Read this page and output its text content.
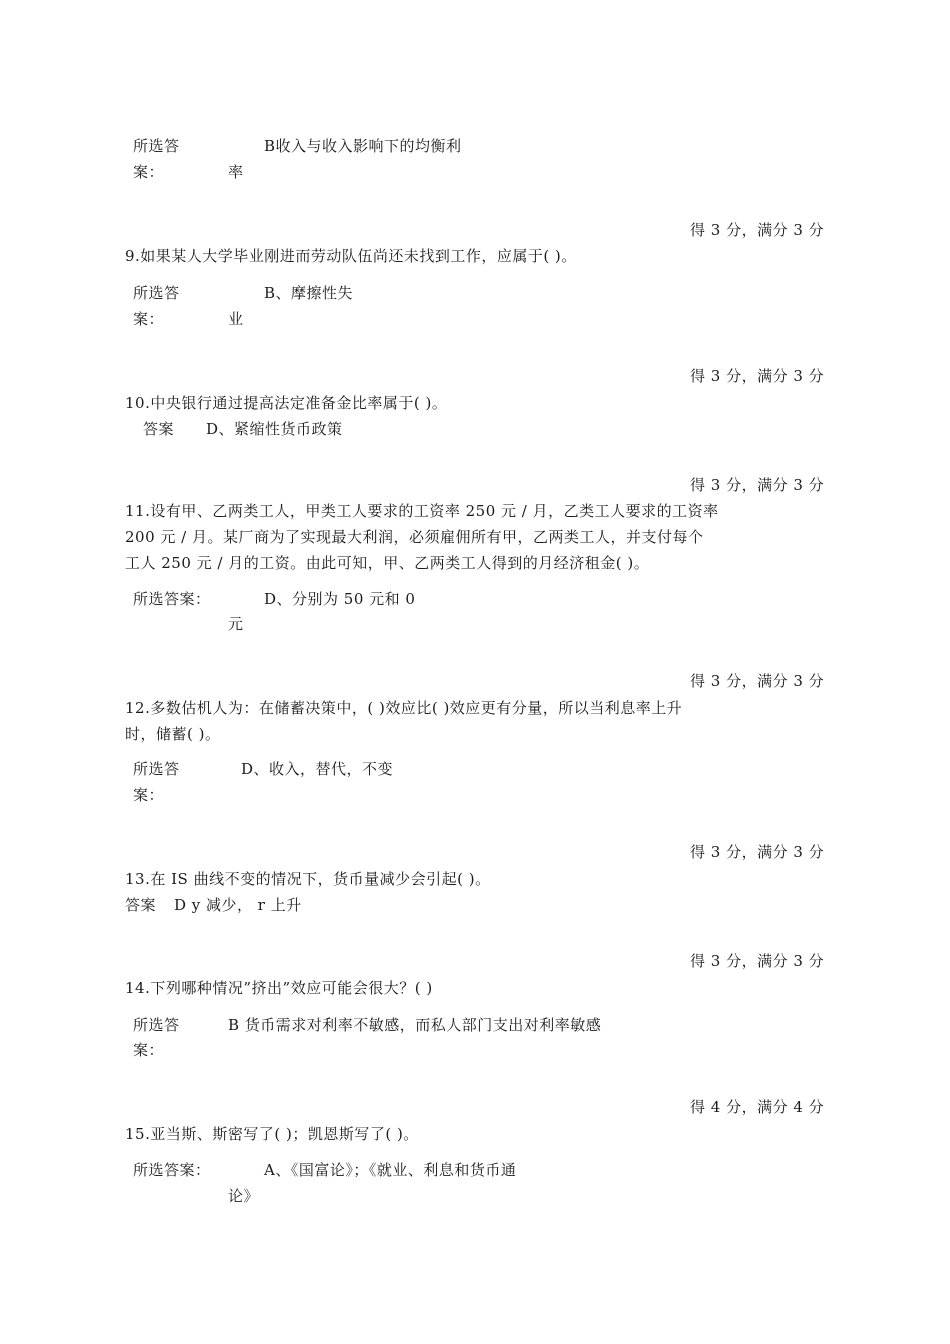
所选答
案：
B收入与收入影响下的均衡利
率
得 3 分，满分 3 分
9.如果某人大学毕业刚进而劳动队伍尚还未找到工作，应属于( )。
所选答
案：
B、摩擦性失
业
得 3 分，满分 3 分
10.中央银行通过提高法定准备金比率属于( )。
答案 D、紧缩性货币政策
得 3 分，满分 3 分
11.设有甲、乙两类工人，甲类工人要求的工资率 250 元 / 月，乙类工人要求的工资率
200 元 / 月。某厂商为了实现最大利润，必须雇佣所有甲，乙两类工人，并支付每个
工人 250 元 / 月的工资。由此可知，甲、乙两类工人得到的月经济租金( )。
所选答案：	D、分别为 50 元和 0
元
得 3 分，满分 3 分
12.多数估机人为：在储蓄决策中，( )效应比( )效应更有分量，所以当利息率上升
时，储蓄( )。
所选答
案：
D、收入，替代，不变
得 3 分，满分 3 分
13.在 IS 曲线不变的情况下，货币量减少会引起( )。
答案 D y 减少， r 上升
得 3 分，满分 3 分
14.下列哪种情况”挤出”效应可能会很大？( )
所选答
案：
B 货币需求对利率不敏感，而私人部门支出对利率敏感
得 4 分，满分 4 分
15.亚当斯、斯密写了( )；凯恩斯写了( )。
所选答案：	A、《国富论》；《就业、利息和货币通
论》
